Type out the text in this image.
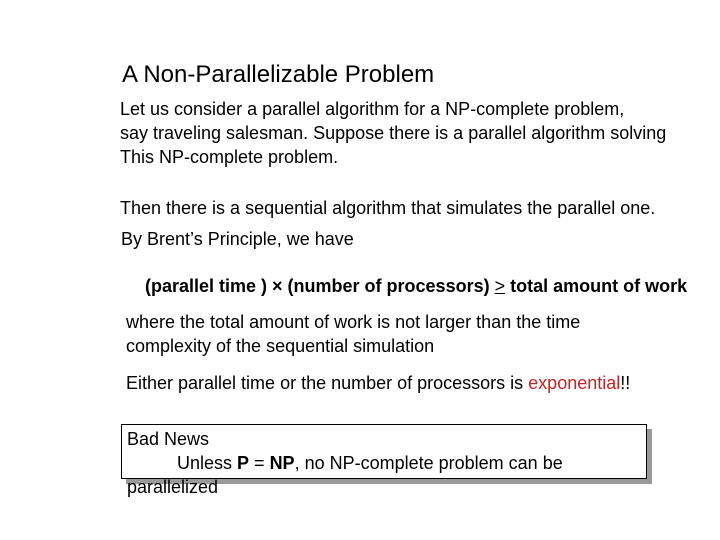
A Non-Parallelizable Problem
Let us consider a parallel algorithm for a NP-complete problem,
say traveling salesman. Suppose there is a parallel algorithm solving
This NP-complete problem.
Then there is a sequential algorithm that simulates the parallel one.
By Brent’s Principle, we have
(parallel time ) × (number of processors) > total amount of work
where the total amount of work is not larger than the time
complexity of the sequential simulation
Either parallel time or the number of processors is exponential!!
Bad News
Unless P = NP, no NP-complete problem can be
parallelized
